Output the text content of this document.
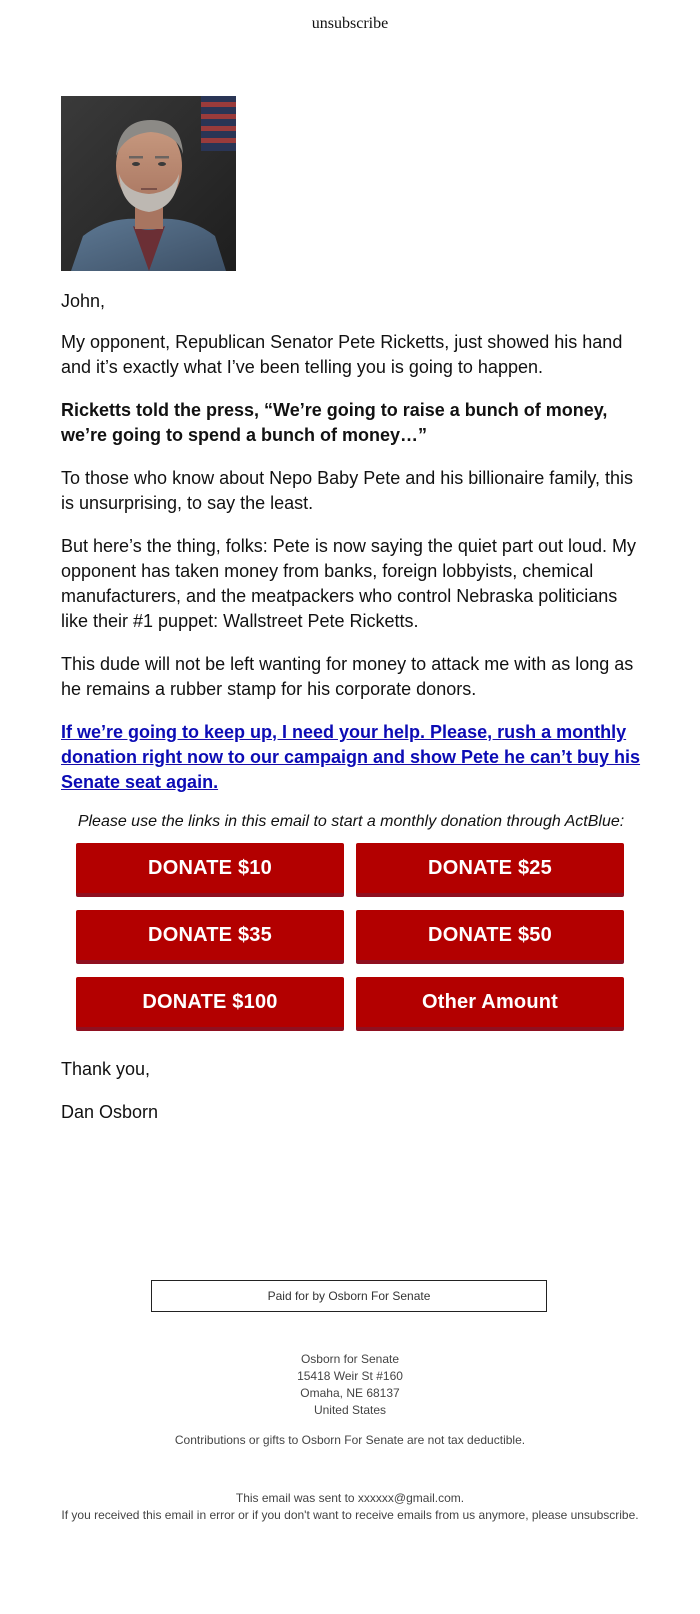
unsubscribe

John,

My opponent, Republican Senator Pete Ricketts, just showed his hand and it’s exactly what I’ve been telling you is going to happen.

Ricketts told the press, “We’re going to raise a bunch of money, we’re going to spend a bunch of money…”

To those who know about Nepo Baby Pete and his billionaire family, this is unsurprising, to say the least.

But here’s the thing, folks: Pete is now saying the quiet part out loud. My opponent has taken money from banks, foreign lobbyists, chemical manufacturers, and the meatpackers who control Nebraska politicians like their #1 puppet: Wallstreet Pete Ricketts.

This dude will not be left wanting for money to attack me with as long as he remains a rubber stamp for his corporate donors.

If we’re going to keep up, I need your help. Please, rush a monthly donation right now to our campaign and show Pete he can’t buy his Senate seat again.

Please use the links in this email to start a monthly donation through ActBlue:

DONATE $10	DONATE $25
DONATE $35	DONATE $50
DONATE $100	Other Amount

Thank you,

Dan Osborn

Paid for by Osborn For Senate
Osborn for Senate
15418 Weir St #160
Omaha, NE 68137
United States
Contributions or gifts to Osborn For Senate are not tax deductible.
This email was sent to xxxxxx@gmail.com.
If you received this email in error or if you don't want to receive emails from us anymore, please unsubscribe.
